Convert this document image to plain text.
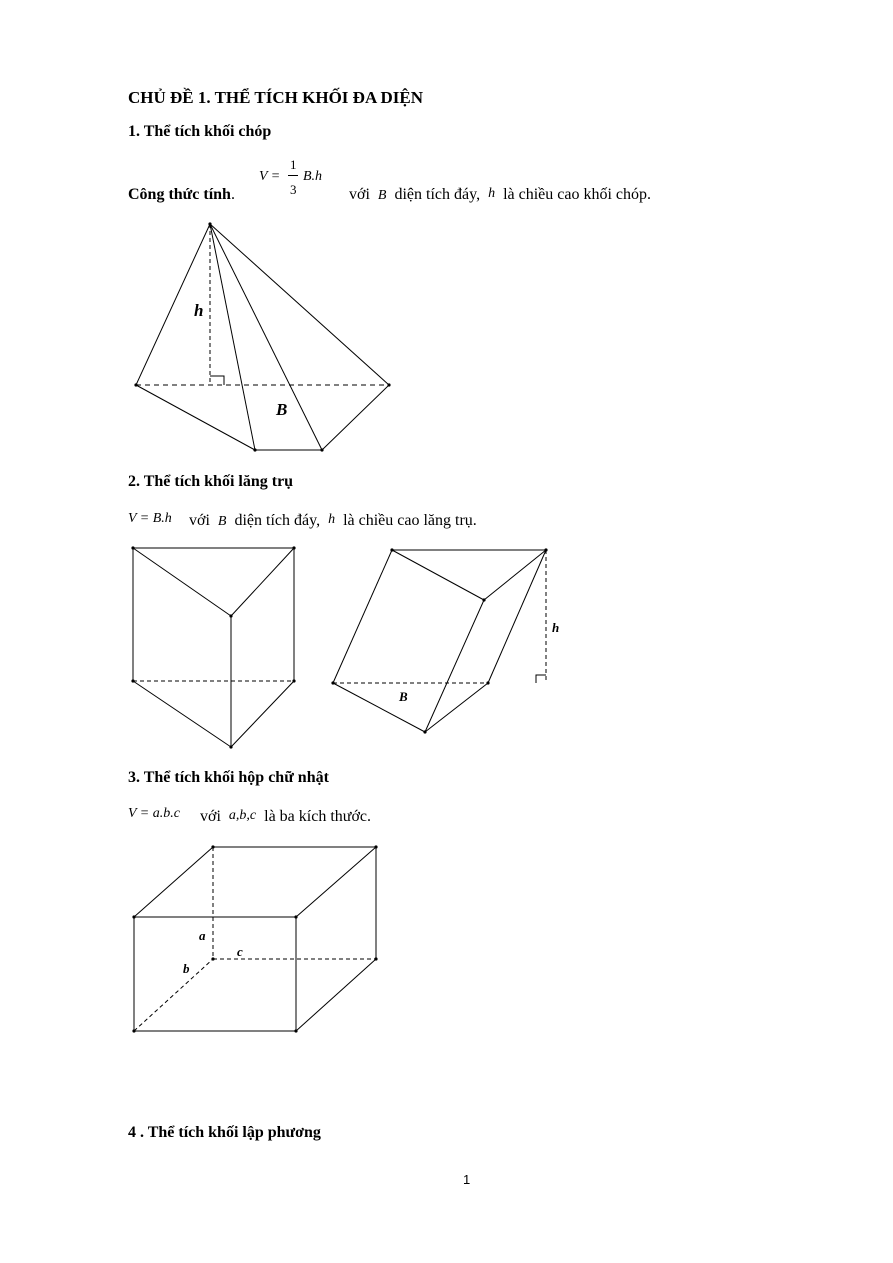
CHỦ ĐỀ 1. THỂ TÍCH KHỐI ĐA DIỆN
1. Thể tích khối chóp
Công thức tính.
V =
1
3
B.h
với B diện tích đáy, h là chiều cao khối chóp.
h
B
2. Thể tích khối lăng trụ
V = B.h với B diện tích đáy, h là chiều cao lăng trụ.
h
B
3. Thể tích khối hộp chữ nhật
V = a.b.c với a,b,c là ba kích thước.
a
b
c
4 . Thể tích khối lập phương
1
